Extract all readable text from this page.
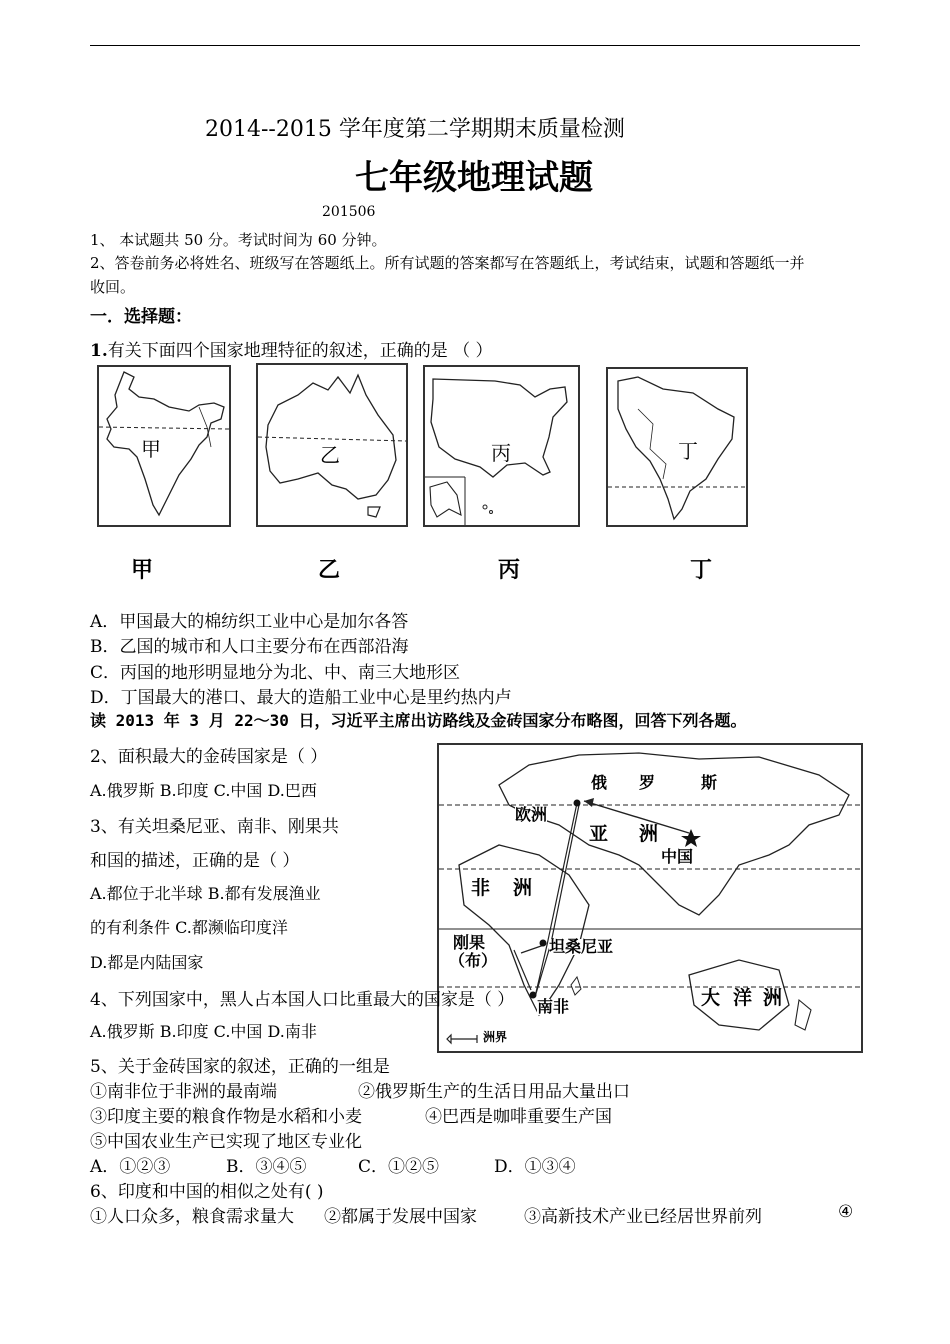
2014--2015 学年度第二学期期末质量检测
七年级地理试题
201506
1、 本试题共 50 分。考试时间为 60 分钟。
2、答卷前务必将姓名、班级写在答题纸上。所有试题的答案都写在答题纸上，考试结束，试题和答题纸一并
收回。
一．选择题：
1.有关下面四个国家地理特征的叙述，正确的是 （ ）
甲	乙	丙	丁
甲	乙	丙	丁
A．甲国最大的棉纺织工业中心是加尔各答
B．乙国的城市和人口主要分布在西部沿海
C．丙国的地形明显地分为北、中、南三大地形区
D．丁国最大的港口、最大的造船工业中心是里约热内卢
读 2013 年 3 月 22～30 日，习近平主席出访路线及金砖国家分布略图，回答下列各题。
2、面积最大的金砖国家是（ ）
A.俄罗斯 B.印度 C.中国 D.巴西
3、有关坦桑尼亚、南非、刚果共
和国的描述，正确的是（ ）
A.都位于北半球 B.都有发展渔业
的有利条件 C.都濒临印度洋
D.都是内陆国家
俄 罗	斯
欧洲
亚 洲
中国
非 洲
刚果
（布）
坦桑尼亚
南非	大 洋 洲
洲界
4、下列国家中，黑人占本国人口比重最大的国家是（ ）
A.俄罗斯 B.印度 C.中国 D.南非
5、关于金砖国家的叙述，正确的一组是
①南非位于非洲的最南端	②俄罗斯生产的生活日用品大量出口
③印度主要的粮食作物是水稻和小麦	④巴西是咖啡重要生产国
⑤中国农业生产已实现了地区专业化
A．①②③	B．③④⑤	C．①②⑤	D．①③④
6、印度和中国的相似之处有( )
①人口众多，粮食需求量大 ②都属于发展中国家	③高新技术产业已经居世界前列	④
